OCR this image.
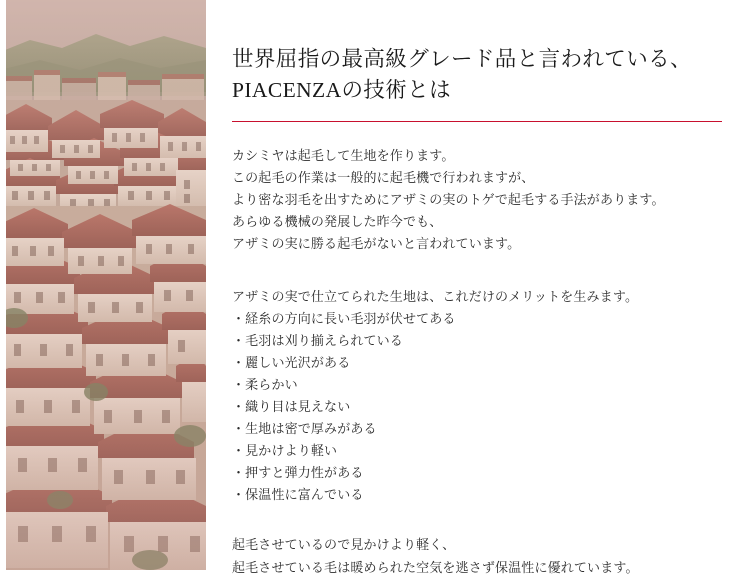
世界屈指の最高級グレード品と言われている、
PIACENZAの技術とは

カシミヤは起毛して生地を作ります。

この起毛の作業は一般的に起毛機で行われますが、

より密な羽毛を出すためにアザミの実のトゲで起毛する手法があります。

あらゆる機械の発展した昨今でも、

アザミの実に勝る起毛がないと言われています。

アザミの実で仕立てられた生地は、これだけのメリットを生みます。

・経糸の方向に長い毛羽が伏せてある
・毛羽は刈り揃えられている
・麗しい光沢がある
・柔らかい
・織り目は見えない
・生地は密で厚みがある
・見かけより軽い
・押すと弾力性がある
・保温性に富んでいる

起毛させているので見かけより軽く、

起毛させている毛は暖められた空気を逃さず保温性に優れています。
